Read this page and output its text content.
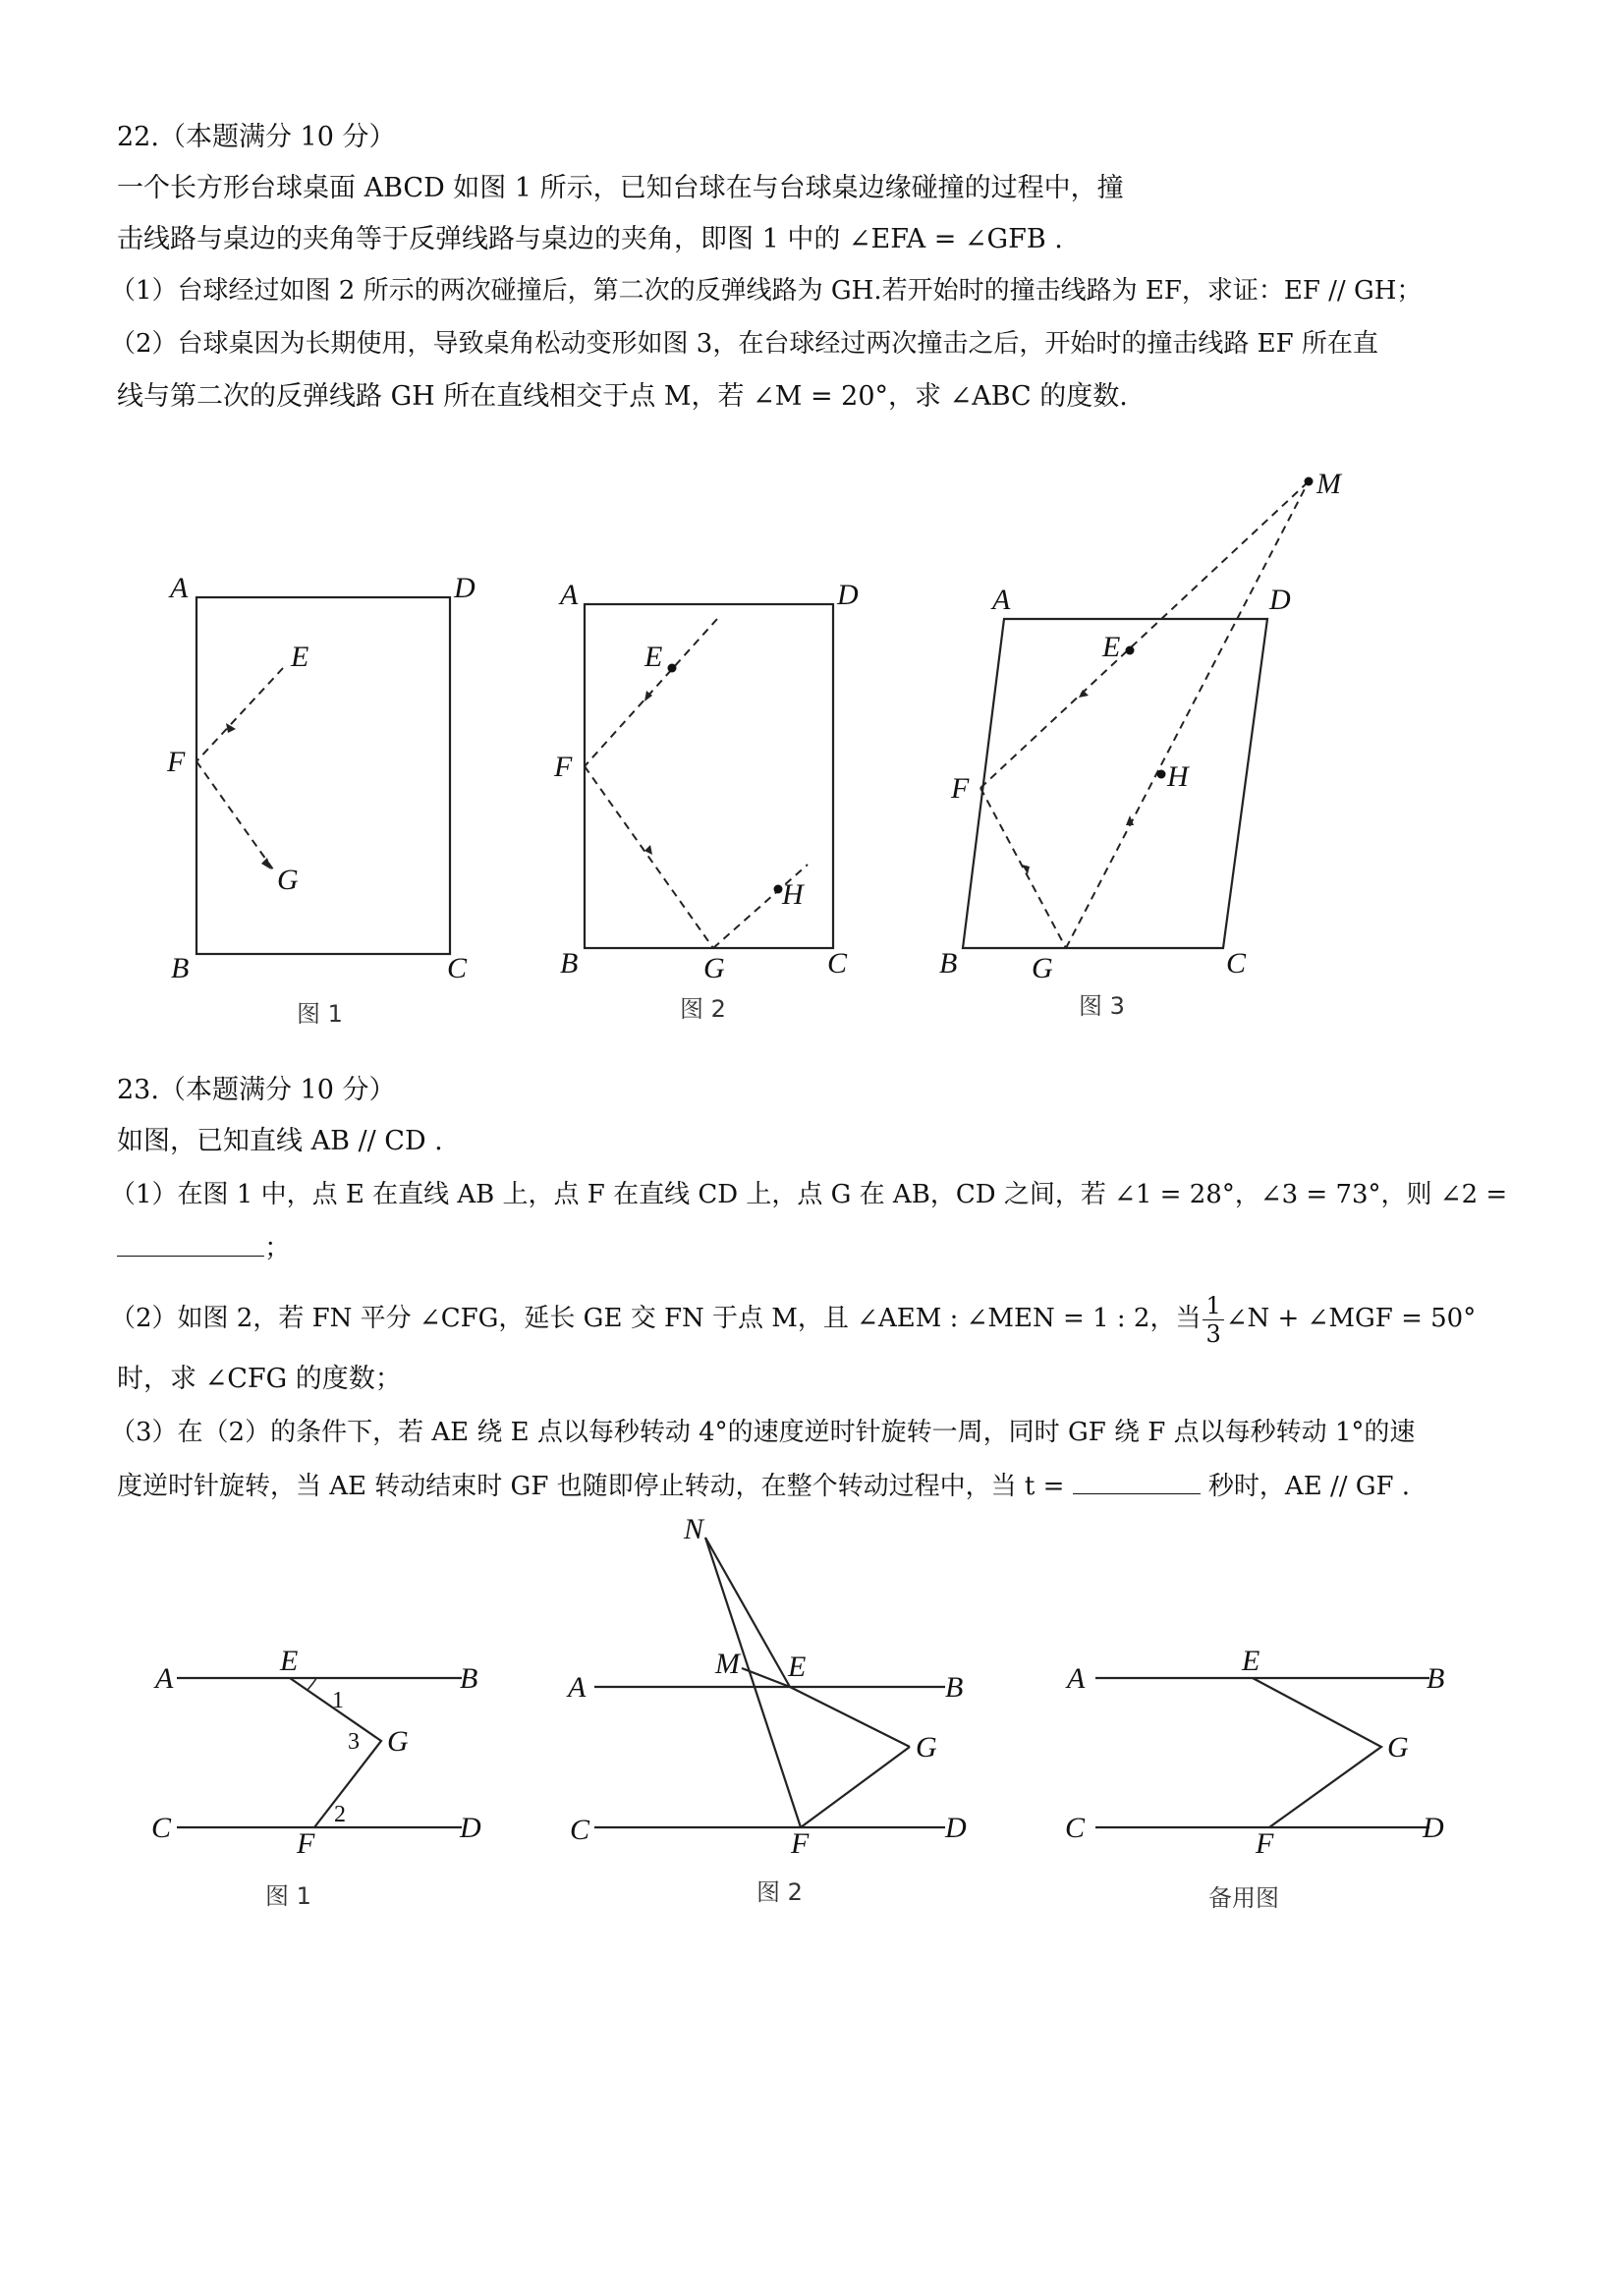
22.（本题满分 10 分）
一个长方形台球桌面 ABCD 如图 1 所示，已知台球在与台球桌边缘碰撞的过程中，撞
击线路与桌边的夹角等于反弹线路与桌边的夹角，即图 1 中的 ∠EFA = ∠GFB .
（1）台球经过如图 2 所示的两次碰撞后，第二次的反弹线路为 GH.若开始时的撞击线路为 EF，求证：EF // GH；
（2）台球桌因为长期使用，导致桌角松动变形如图 3，在台球经过两次撞击之后，开始时的撞击线路 EF 所在直
线与第二次的反弹线路 GH 所在直线相交于点 M，若 ∠M = 20°，求 ∠ABC 的度数.
A	D
B	C
E
F
G
图 1
A	D
B	C
E
F
G
H
图 2
M
A	D
E
F	H
B	G	C
图 3
23.（本题满分 10 分）
如图，已知直线 AB // CD .
（1）在图 1 中，点 E 在直线 AB 上，点 F 在直线 CD 上，点 G 在 AB，CD 之间，若 ∠1 = 28°，∠3 = 73°，则 ∠2 =
；
（2）如图 2，若 FN 平分 ∠CFG，延长 GE 交 FN 于点 M，且 ∠AEM : ∠MEN = 1 : 2，当 $\frac{1}{3}$ ∠N + ∠MGF = 50°
时，求 ∠CFG 的度数；
（3）在（2）的条件下，若 AE 绕 E 点以每秒转动 4°的速度逆时针旋转一周，同时 GF 绕 F 点以每秒转动 1°的速
度逆时针旋转，当 AE 转动结束时 GF 也随即停止转动，在整个转动过程中，当 t =	秒时，AE // GF .
A	B
E
1
3 G
2
C	D
F
图 1
N
M E
A	B
G
C	D
F
图 2
A	B
E
G
C	D
F
备用图
